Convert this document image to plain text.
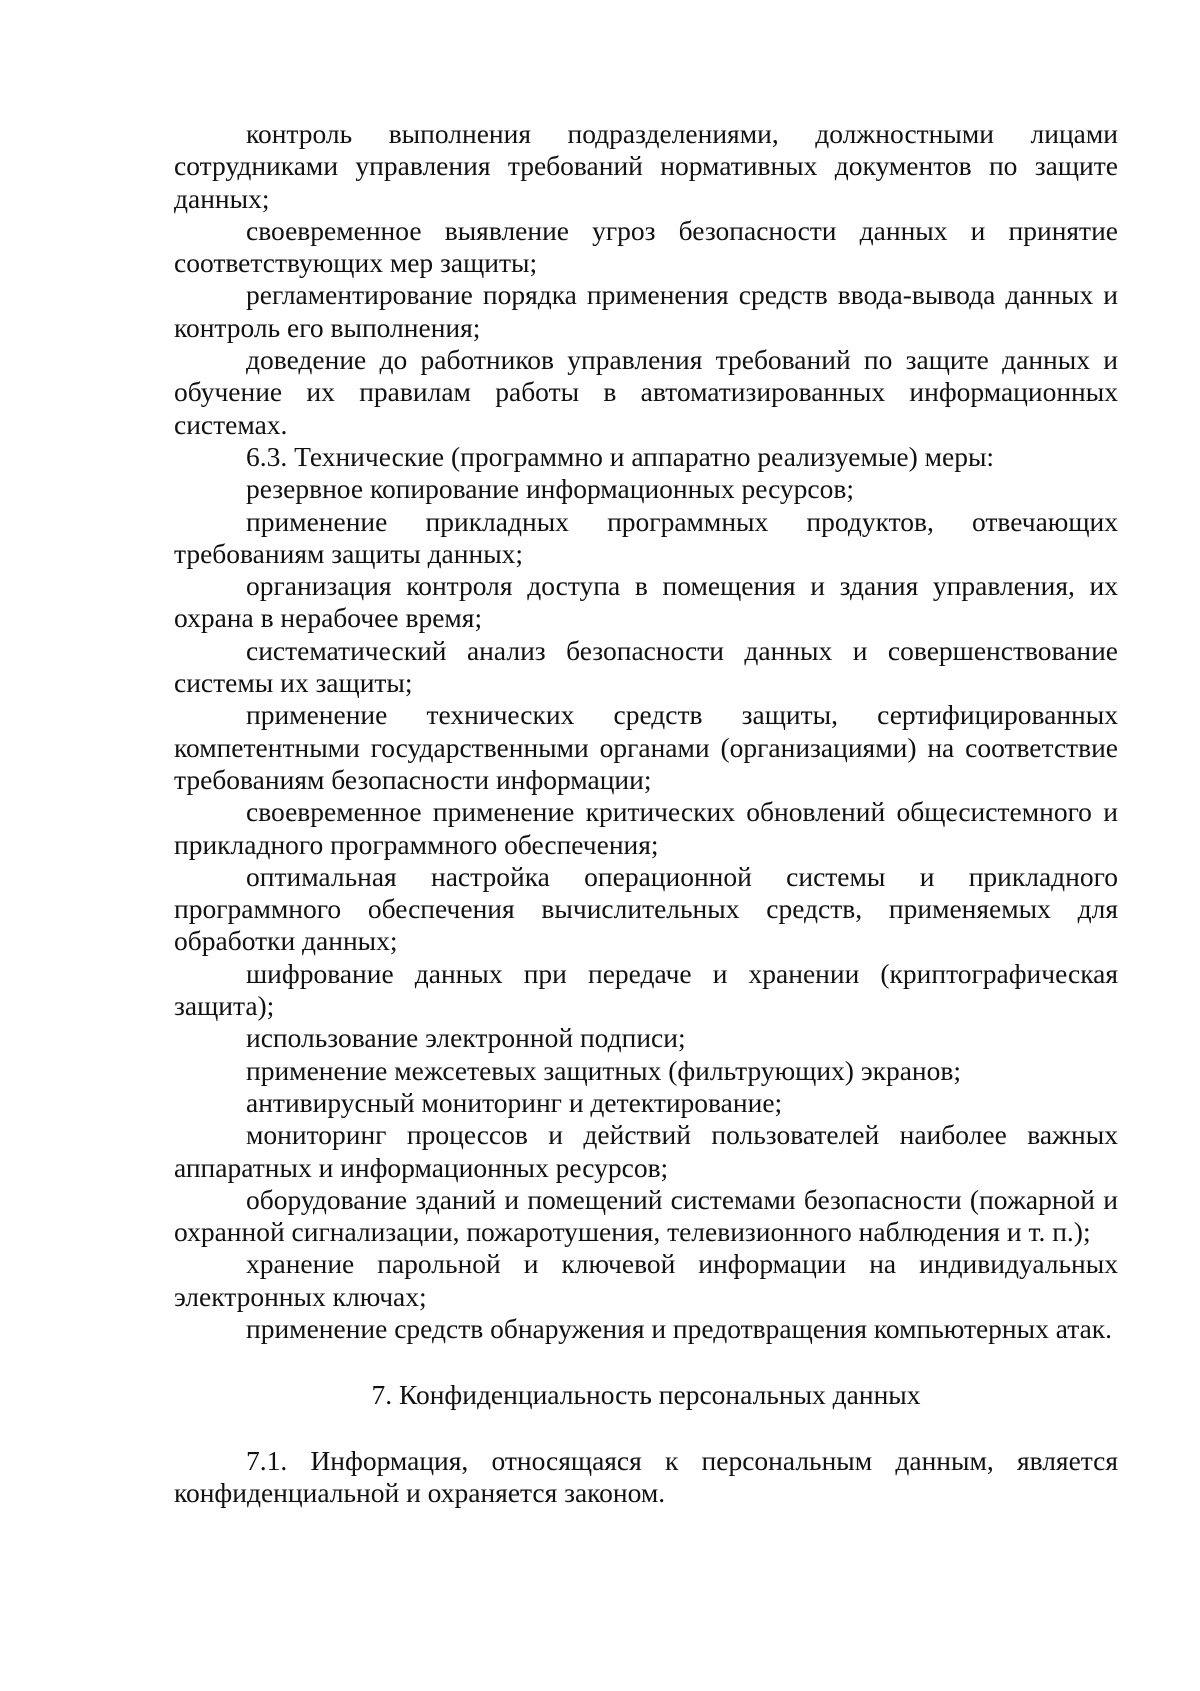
контроль выполнения подразделениями, должностными лицами сотрудниками управления требований нормативных документов по защите данных;

своевременное выявление угроз безопасности данных и принятие соответствующих мер защиты;

регламентирование порядка применения средств ввода-вывода данных и контроль его выполнения;

доведение до работников управления требований по защите данных и обучение их правилам работы в автоматизированных информационных системах.

6.3. Технические (программно и аппаратно реализуемые) меры:

резервное копирование информационных ресурсов;

применение прикладных программных продуктов, отвечающих требованиям защиты данных;

организация контроля доступа в помещения и здания управления, их охрана в нерабочее время;

систематический анализ безопасности данных и совершенствование системы их защиты;

применение технических средств защиты, сертифицированных компетентными государственными органами (организациями) на соответствие требованиям безопасности информации;

своевременное применение критических обновлений общесистемного и прикладного программного обеспечения;

оптимальная настройка операционной системы и прикладного программного обеспечения вычислительных средств, применяемых для обработки данных;

шифрование данных при передаче и хранении (криптографическая защита);

использование электронной подписи;

применение межсетевых защитных (фильтрующих) экранов;

антивирусный мониторинг и детектирование;

мониторинг процессов и действий пользователей наиболее важных аппаратных и информационных ресурсов;

оборудование зданий и помещений системами безопасности (пожарной и охранной сигнализации, пожаротушения, телевизионного наблюдения и т. п.);

хранение парольной и ключевой информации на индивидуальных электронных ключах;

применение средств обнаружения и предотвращения компьютерных атак.

7. Конфиденциальность персональных данных

7.1. Информация, относящаяся к персональным данным, является конфиденциальной и охраняется законом.
